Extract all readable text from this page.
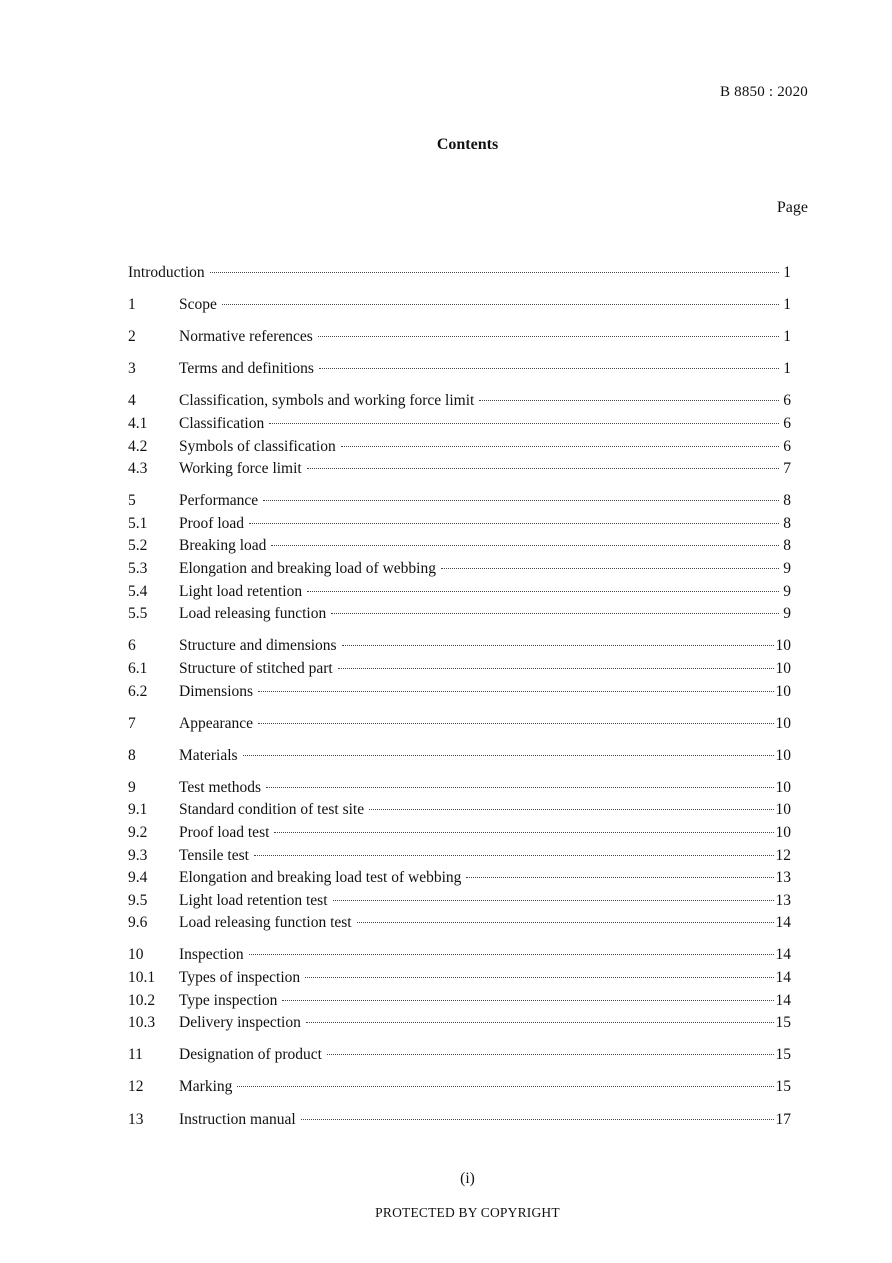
B 8850 : 2020
Contents
Page
Introduction	1
1	Scope	1
2	Normative references	1
3	Terms and definitions	1
4	Classification, symbols and working force limit	6
4.1	Classification	6
4.2	Symbols of classification	6
4.3	Working force limit	7
5	Performance	8
5.1	Proof load	8
5.2	Breaking load	8
5.3	Elongation and breaking load of webbing	9
5.4	Light load retention	9
5.5	Load releasing function	9
6	Structure and dimensions	10
6.1	Structure of stitched part	10
6.2	Dimensions	10
7	Appearance	10
8	Materials	10
9	Test methods	10
9.1	Standard condition of test site	10
9.2	Proof load test	10
9.3	Tensile test	12
9.4	Elongation and breaking load test of webbing	13
9.5	Light load retention test	13
9.6	Load releasing function test	14
10	Inspection	14
10.1	Types of inspection	14
10.2	Type inspection	14
10.3	Delivery inspection	15
11	Designation of product	15
12	Marking	15
13	Instruction manual	17
(i)
PROTECTED BY COPYRIGHT
